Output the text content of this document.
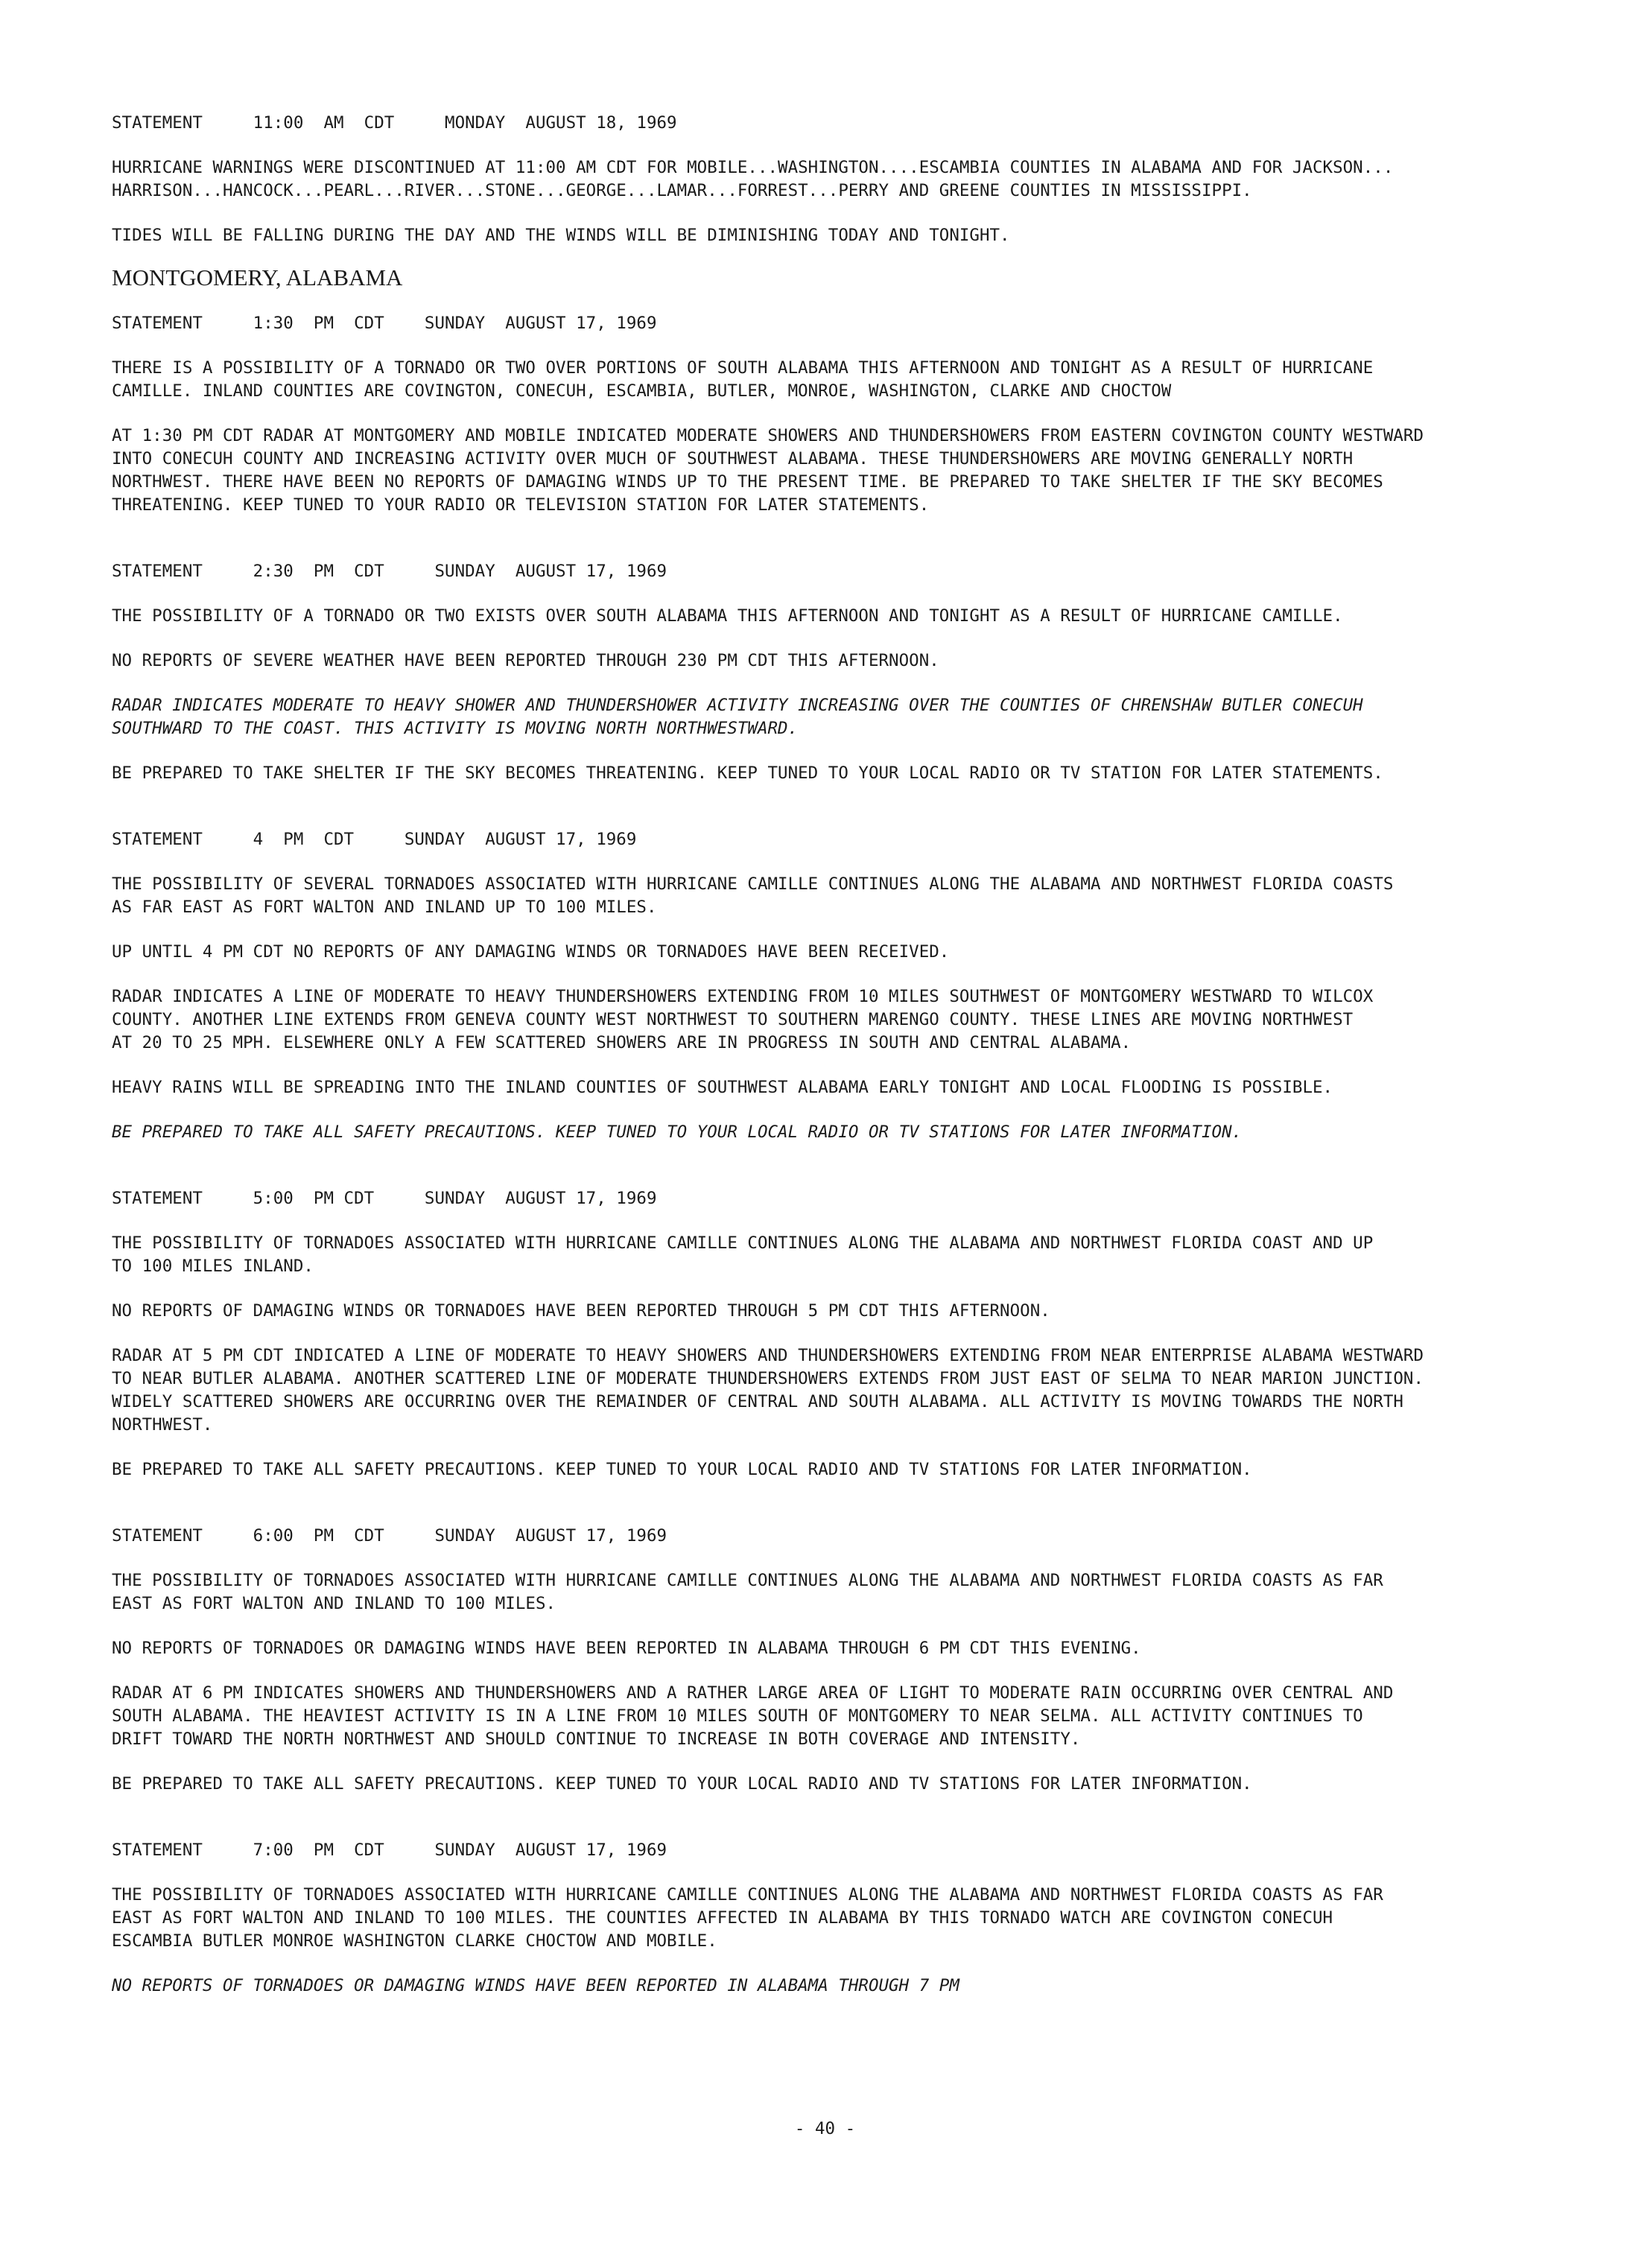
STATEMENT     11:00  AM  CDT     MONDAY  AUGUST 18, 1969
HURRICANE WARNINGS WERE DISCONTINUED AT 11:00 AM CDT FOR MOBILE...WASHINGTON....ESCAMBIA COUNTIES IN ALABAMA AND FOR JACKSON...
HARRISON...HANCOCK...PEARL...RIVER...STONE...GEORGE...LAMAR...FORREST...PERRY AND GREENE COUNTIES IN MISSISSIPPI.
TIDES WILL BE FALLING DURING THE DAY AND THE WINDS WILL BE DIMINISHING TODAY AND TONIGHT.
MONTGOMERY, ALABAMA
STATEMENT     1:30  PM  CDT    SUNDAY  AUGUST 17, 1969
THERE IS A POSSIBILITY OF A TORNADO OR TWO OVER PORTIONS OF SOUTH ALABAMA THIS AFTERNOON AND TONIGHT AS A RESULT OF HURRICANE
CAMILLE. INLAND COUNTIES ARE COVINGTON, CONECUH, ESCAMBIA, BUTLER, MONROE, WASHINGTON, CLARKE AND CHOCTOW
AT 1:30 PM CDT RADAR AT MONTGOMERY AND MOBILE INDICATED MODERATE SHOWERS AND THUNDERSHOWERS FROM EASTERN COVINGTON COUNTY WESTWARD
INTO CONECUH COUNTY AND INCREASING ACTIVITY OVER MUCH OF SOUTHWEST ALABAMA. THESE THUNDERSHOWERS ARE MOVING GENERALLY NORTH
NORTHWEST. THERE HAVE BEEN NO REPORTS OF DAMAGING WINDS UP TO THE PRESENT TIME. BE PREPARED TO TAKE SHELTER IF THE SKY BECOMES
THREATENING. KEEP TUNED TO YOUR RADIO OR TELEVISION STATION FOR LATER STATEMENTS.
STATEMENT     2:30  PM  CDT     SUNDAY  AUGUST 17, 1969
THE POSSIBILITY OF A TORNADO OR TWO EXISTS OVER SOUTH ALABAMA THIS AFTERNOON AND TONIGHT AS A RESULT OF HURRICANE CAMILLE.
NO REPORTS OF SEVERE WEATHER HAVE BEEN REPORTED THROUGH 230 PM CDT THIS AFTERNOON.
RADAR INDICATES MODERATE TO HEAVY SHOWER AND THUNDERSHOWER ACTIVITY INCREASING OVER THE COUNTIES OF CHRENSHAW BUTLER CONECUH
SOUTHWARD TO THE COAST. THIS ACTIVITY IS MOVING NORTH NORTHWESTWARD.
BE PREPARED TO TAKE SHELTER IF THE SKY BECOMES THREATENING. KEEP TUNED TO YOUR LOCAL RADIO OR TV STATION FOR LATER STATEMENTS.
STATEMENT     4  PM  CDT     SUNDAY  AUGUST 17, 1969
THE POSSIBILITY OF SEVERAL TORNADOES ASSOCIATED WITH HURRICANE CAMILLE CONTINUES ALONG THE ALABAMA AND NORTHWEST FLORIDA COASTS
AS FAR EAST AS FORT WALTON AND INLAND UP TO 100 MILES.
UP UNTIL 4 PM CDT NO REPORTS OF ANY DAMAGING WINDS OR TORNADOES HAVE BEEN RECEIVED.
RADAR INDICATES A LINE OF MODERATE TO HEAVY THUNDERSHOWERS EXTENDING FROM 10 MILES SOUTHWEST OF MONTGOMERY WESTWARD TO WILCOX
COUNTY. ANOTHER LINE EXTENDS FROM GENEVA COUNTY WEST NORTHWEST TO SOUTHERN MARENGO COUNTY. THESE LINES ARE MOVING NORTHWEST
AT 20 TO 25 MPH. ELSEWHERE ONLY A FEW SCATTERED SHOWERS ARE IN PROGRESS IN SOUTH AND CENTRAL ALABAMA.
HEAVY RAINS WILL BE SPREADING INTO THE INLAND COUNTIES OF SOUTHWEST ALABAMA EARLY TONIGHT AND LOCAL FLOODING IS POSSIBLE.
BE PREPARED TO TAKE ALL SAFETY PRECAUTIONS. KEEP TUNED TO YOUR LOCAL RADIO OR TV STATIONS FOR LATER INFORMATION.
STATEMENT     5:00  PM CDT     SUNDAY  AUGUST 17, 1969
THE POSSIBILITY OF TORNADOES ASSOCIATED WITH HURRICANE CAMILLE CONTINUES ALONG THE ALABAMA AND NORTHWEST FLORIDA COAST AND UP
TO 100 MILES INLAND.
NO REPORTS OF DAMAGING WINDS OR TORNADOES HAVE BEEN REPORTED THROUGH 5 PM CDT THIS AFTERNOON.
RADAR AT 5 PM CDT INDICATED A LINE OF MODERATE TO HEAVY SHOWERS AND THUNDERSHOWERS EXTENDING FROM NEAR ENTERPRISE ALABAMA WESTWARD
TO NEAR BUTLER ALABAMA. ANOTHER SCATTERED LINE OF MODERATE THUNDERSHOWERS EXTENDS FROM JUST EAST OF SELMA TO NEAR MARION JUNCTION.
WIDELY SCATTERED SHOWERS ARE OCCURRING OVER THE REMAINDER OF CENTRAL AND SOUTH ALABAMA. ALL ACTIVITY IS MOVING TOWARDS THE NORTH
NORTHWEST.
BE PREPARED TO TAKE ALL SAFETY PRECAUTIONS. KEEP TUNED TO YOUR LOCAL RADIO AND TV STATIONS FOR LATER INFORMATION.
STATEMENT     6:00  PM  CDT     SUNDAY  AUGUST 17, 1969
THE POSSIBILITY OF TORNADOES ASSOCIATED WITH HURRICANE CAMILLE CONTINUES ALONG THE ALABAMA AND NORTHWEST FLORIDA COASTS AS FAR
EAST AS FORT WALTON AND INLAND TO 100 MILES.
NO REPORTS OF TORNADOES OR DAMAGING WINDS HAVE BEEN REPORTED IN ALABAMA THROUGH 6 PM CDT THIS EVENING.
RADAR AT 6 PM INDICATES SHOWERS AND THUNDERSHOWERS AND A RATHER LARGE AREA OF LIGHT TO MODERATE RAIN OCCURRING OVER CENTRAL AND
SOUTH ALABAMA. THE HEAVIEST ACTIVITY IS IN A LINE FROM 10 MILES SOUTH OF MONTGOMERY TO NEAR SELMA. ALL ACTIVITY CONTINUES TO
DRIFT TOWARD THE NORTH NORTHWEST AND SHOULD CONTINUE TO INCREASE IN BOTH COVERAGE AND INTENSITY.
BE PREPARED TO TAKE ALL SAFETY PRECAUTIONS. KEEP TUNED TO YOUR LOCAL RADIO AND TV STATIONS FOR LATER INFORMATION.
STATEMENT     7:00  PM  CDT     SUNDAY  AUGUST 17, 1969
THE POSSIBILITY OF TORNADOES ASSOCIATED WITH HURRICANE CAMILLE CONTINUES ALONG THE ALABAMA AND NORTHWEST FLORIDA COASTS AS FAR
EAST AS FORT WALTON AND INLAND TO 100 MILES. THE COUNTIES AFFECTED IN ALABAMA BY THIS TORNADO WATCH ARE COVINGTON CONECUH
ESCAMBIA BUTLER MONROE WASHINGTON CLARKE CHOCTOW AND MOBILE.
NO REPORTS OF TORNADOES OR DAMAGING WINDS HAVE BEEN REPORTED IN ALABAMA THROUGH 7 PM
- 40 -
